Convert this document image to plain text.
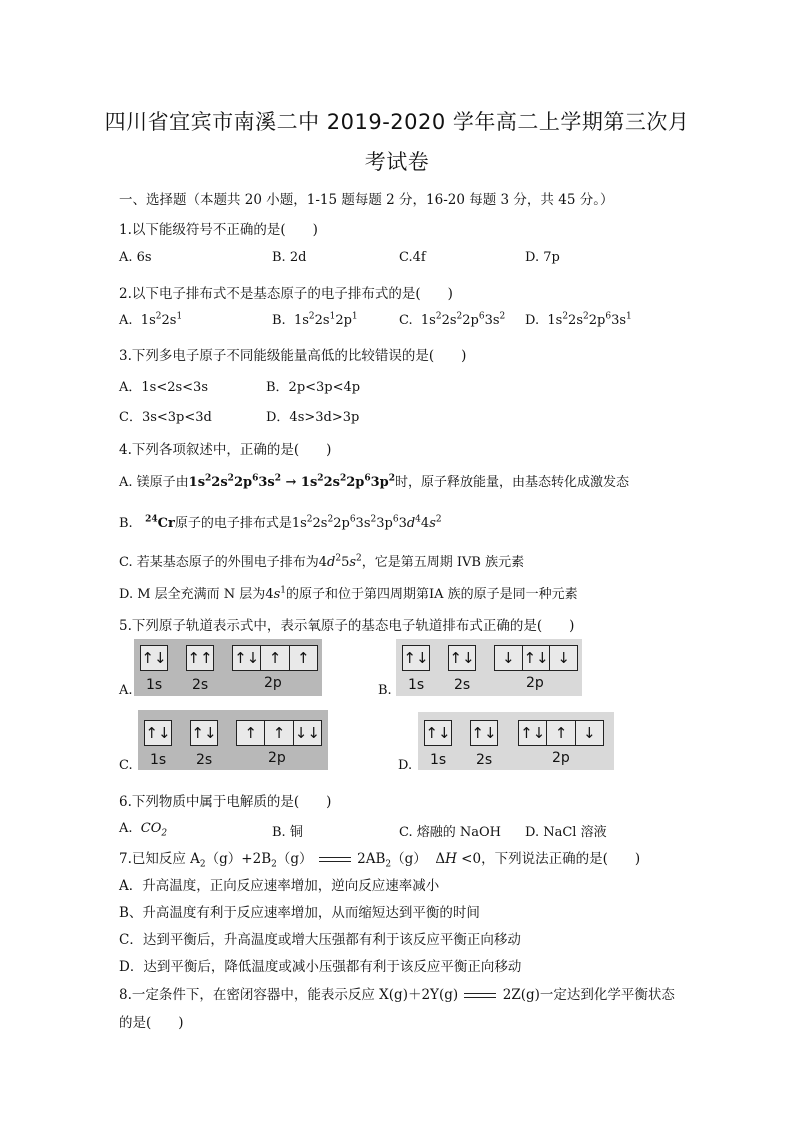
四川省宜宾市南溪二中 2019-2020 学年高二上学期第三次月
考试卷
一、选择题（本题共 20 小题，1-15 题每题 2 分，16-20 每题 3 分，共 45 分。）
1.以下能级符号不正确的是(　　)
A. 6s	B. 2d	C.4f	D. 7p
2.以下电子排布式不是基态原子的电子排布式的是(　　)
A.  $1s^22s^1$	B.  $1s^22s^12p^1$	C.  $1s^22s^22p^63s^2$ D.  $1s^22s^22p^63s^1$
3.下列多电子原子不同能级能量高低的比较错误的是(　　)
A．1s<2s<3s	B．2p<3p<4p
C．3s<3p<3d	D．4s>3d>3p
4.下列各项叙述中，正确的是(　　)
A. 镁原子由$1s^22s^22p^63s^2 \to 1s^22s^22p^63p^2$时，原子释放能量，由基态转化成激发态
B. $^{24}$Cr原子的电子排布式是$1s^22s^22p^63s^23p^63d^44s^2$
C. 若某基态原子的外围电子排布为$4d^25s^2$，它是第五周期 IVB 族元素
D. M 层全充满而 N 层为$4s^1$的原子和位于第四周期第ⅠA 族的原子是同一种元素
5.下列原子轨道表示式中，表示氧原子的基态电子轨道排布式正确的是(　　)
↑↓ ↑↑ ↑↓ ↑	↑
1s 2s	2p
A.
↑↓ ↑↓	↓ ↑↓ ↓
1s 2s	2p
B.
↑↓ ↑↓	↑	↑ ↓↓
1s 2s	2p
C.
↑↓ ↑↓ ↑↓ ↑	↓
1s 2s	2p
D.
6.下列物质中属于电解质的是(　　)
A. $CO_2$	B. 铜	C. 熔融的 NaOH D. NaCl 溶液
7.已知反应 $A_2(g)+2B_2(g)$	$2AB_2(g)$  ΔH <0，下列说法正确的是(　　)
A．升高温度，正向反应速率增加，逆向反应速率减小
B、升高温度有利于反应速率增加，从而缩短达到平衡的时间
C．达到平衡后，升高温度或增大压强都有利于该反应平衡正向移动
D．达到平衡后，降低温度或减小压强都有利于该反应平衡正向移动
8.一定条件下，在密闭容器中，能表示反应 X(g)＋2Y(g)	2Z(g)一定达到化学平衡状态
的是(　　)
